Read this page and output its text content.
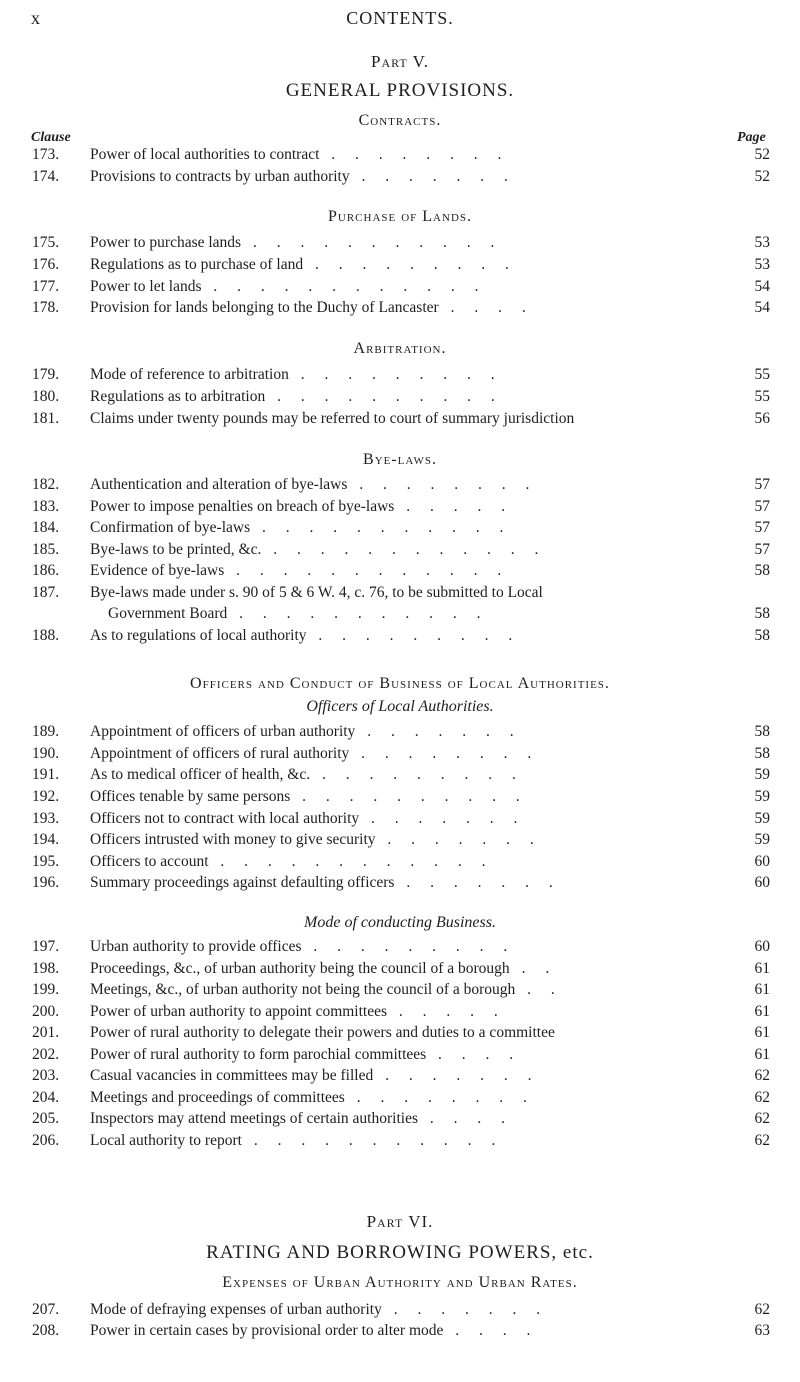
x	CONTENTS.
Part V.
GENERAL PROVISIONS.
Contracts.
Clause	Page
173. Power of local authorities to contract . . . . . . . .	52
174. Provisions to contracts by urban authority . . . . . . .	52
Purchase of Lands.
175. Power to purchase lands . . . . . . . . . . .	53
176. Regulations as to purchase of land . . . . . . . . .	53
177. Power to let lands . . . . . . . . . . . .	54
178. Provision for lands belonging to the Duchy of Lancaster . . . .	54
Arbitration.
179. Mode of reference to arbitration . . . . . . . . .	55
180. Regulations as to arbitration . . . . . . . . . .	55
181. Claims under twenty pounds may be referred to court of summary jurisdiction	56
Bye-laws.
182. Authentication and alteration of bye-laws . . . . . . . .	57
183. Power to impose penalties on breach of bye-laws . . . . .	57
184. Confirmation of bye-laws . . . . . . . . . . .	57
185. Bye-laws to be printed, &c. . . . . . . . . . . . .	57
186. Evidence of bye-laws . . . . . . . . . . . .	58
187. Bye-laws made under s. 90 of 5 & 6 W. 4, c. 76, to be submitted to Local
Government Board . . . . . . . . . . .	58
188. As to regulations of local authority . . . . . . . . .	58
Officers and Conduct of Business of Local Authorities.
Officers of Local Authorities.
189. Appointment of officers of urban authority . . . . . . .	58
190. Appointment of officers of rural authority . . . . . . . .	58
191. As to medical officer of health, &c. . . . . . . . . .	59
192. Offices tenable by same persons . . . . . . . . . .	59
193. Officers not to contract with local authority . . . . . . .	59
194. Officers intrusted with money to give security . . . . . . .	59
195. Officers to account . . . . . . . . . . . .	60
196. Summary proceedings against defaulting officers . . . . . . .	60
Mode of conducting Business.
197. Urban authority to provide offices . . . . . . . . .	60
198. Proceedings, &c., of urban authority being the council of a borough . .	61
199. Meetings, &c., of urban authority not being the council of a borough . .	61
200. Power of urban authority to appoint committees . . . . .	61
201. Power of rural authority to delegate their powers and duties to a committee	61
202. Power of rural authority to form parochial committees . . . .	61
203. Casual vacancies in committees may be filled . . . . . . .	62
204. Meetings and proceedings of committees . . . . . . . .	62
205. Inspectors may attend meetings of certain authorities . . . .	62
206. Local authority to report . . . . . . . . . . .	62
Part VI.
RATING AND BORROWING POWERS, etc.
Expenses of Urban Authority and Urban Rates.
207. Mode of defraying expenses of urban authority . . . . . . .	62
208. Power in certain cases by provisional order to alter mode . . . .	63
